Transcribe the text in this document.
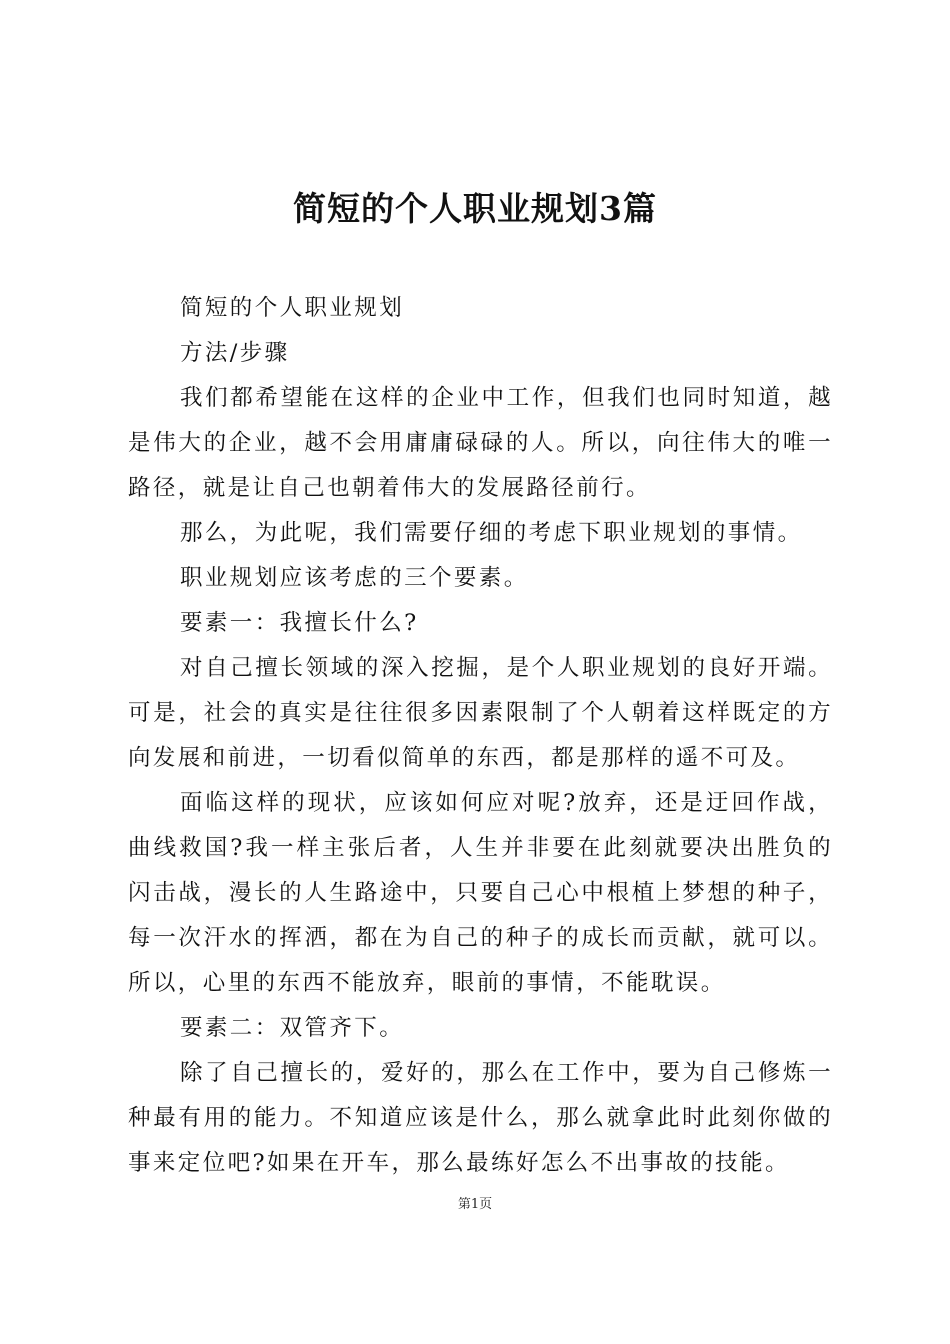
简短的个人职业规划3篇

简短的个人职业规划

方法/步骤

我们都希望能在这样的企业中工作，但我们也同时知道，越是伟大的企业，越不会用庸庸碌碌的人。所以，向往伟大的唯一路径，就是让自己也朝着伟大的发展路径前行。

那么，为此呢，我们需要仔细的考虑下职业规划的事情。

职业规划应该考虑的三个要素。

要素一：我擅长什么?

对自己擅长领域的深入挖掘，是个人职业规划的良好开端。可是，社会的真实是往往很多因素限制了个人朝着这样既定的方向发展和前进，一切看似简单的东西，都是那样的遥不可及。

面临这样的现状，应该如何应对呢?放弃，还是迂回作战，曲线救国?我一样主张后者，人生并非要在此刻就要决出胜负的闪击战，漫长的人生路途中，只要自己心中根植上梦想的种子，每一次汗水的挥洒，都在为自己的种子的成长而贡献，就可以。所以，心里的东西不能放弃，眼前的事情，不能耽误。

要素二：双管齐下。

除了自己擅长的，爱好的，那么在工作中，要为自己修炼一种最有用的能力。不知道应该是什么，那么就拿此时此刻你做的事来定位吧?如果在开车，那么最练好怎么不出事故的技能。

第1页
